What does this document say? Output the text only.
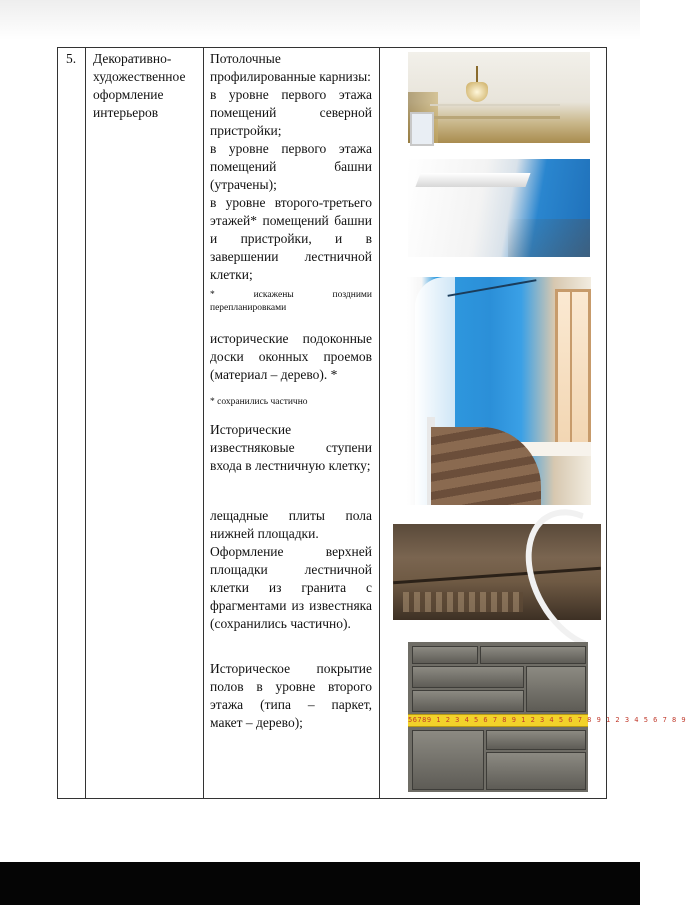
5. Декоративно-
художественное
оформление
интерьеров
Потолочные
профилированные карнизы:
в уровне первого этажа
помещений северной
пристройки;
в уровне первого этажа
помещений башни
(утрачены);
в уровне второго-третьего
этажей* помещений башни
и пристройки, и в
завершении лестничной
клетки;
* искажены поздними
перепланировками
исторические подоконные
доски оконных проемов
(материал – дерево). *
* сохранились частично
Исторические
известняковые ступени
входа в лестничную клетку;
лещадные плиты пола
нижней площадки.
Оформление верхней
площадки лестничной
клетки из гранита с
фрагментами из известняка
(сохранились частично).
Историческое покрытие
полов в уровне второго
этажа (типа – паркет,
макет – дерево);	56789 1 2 3 4 5 6 7 8 9 1 2 3 4 5 6 7 8 9 1 2 3 4 5 6 7 8 9
